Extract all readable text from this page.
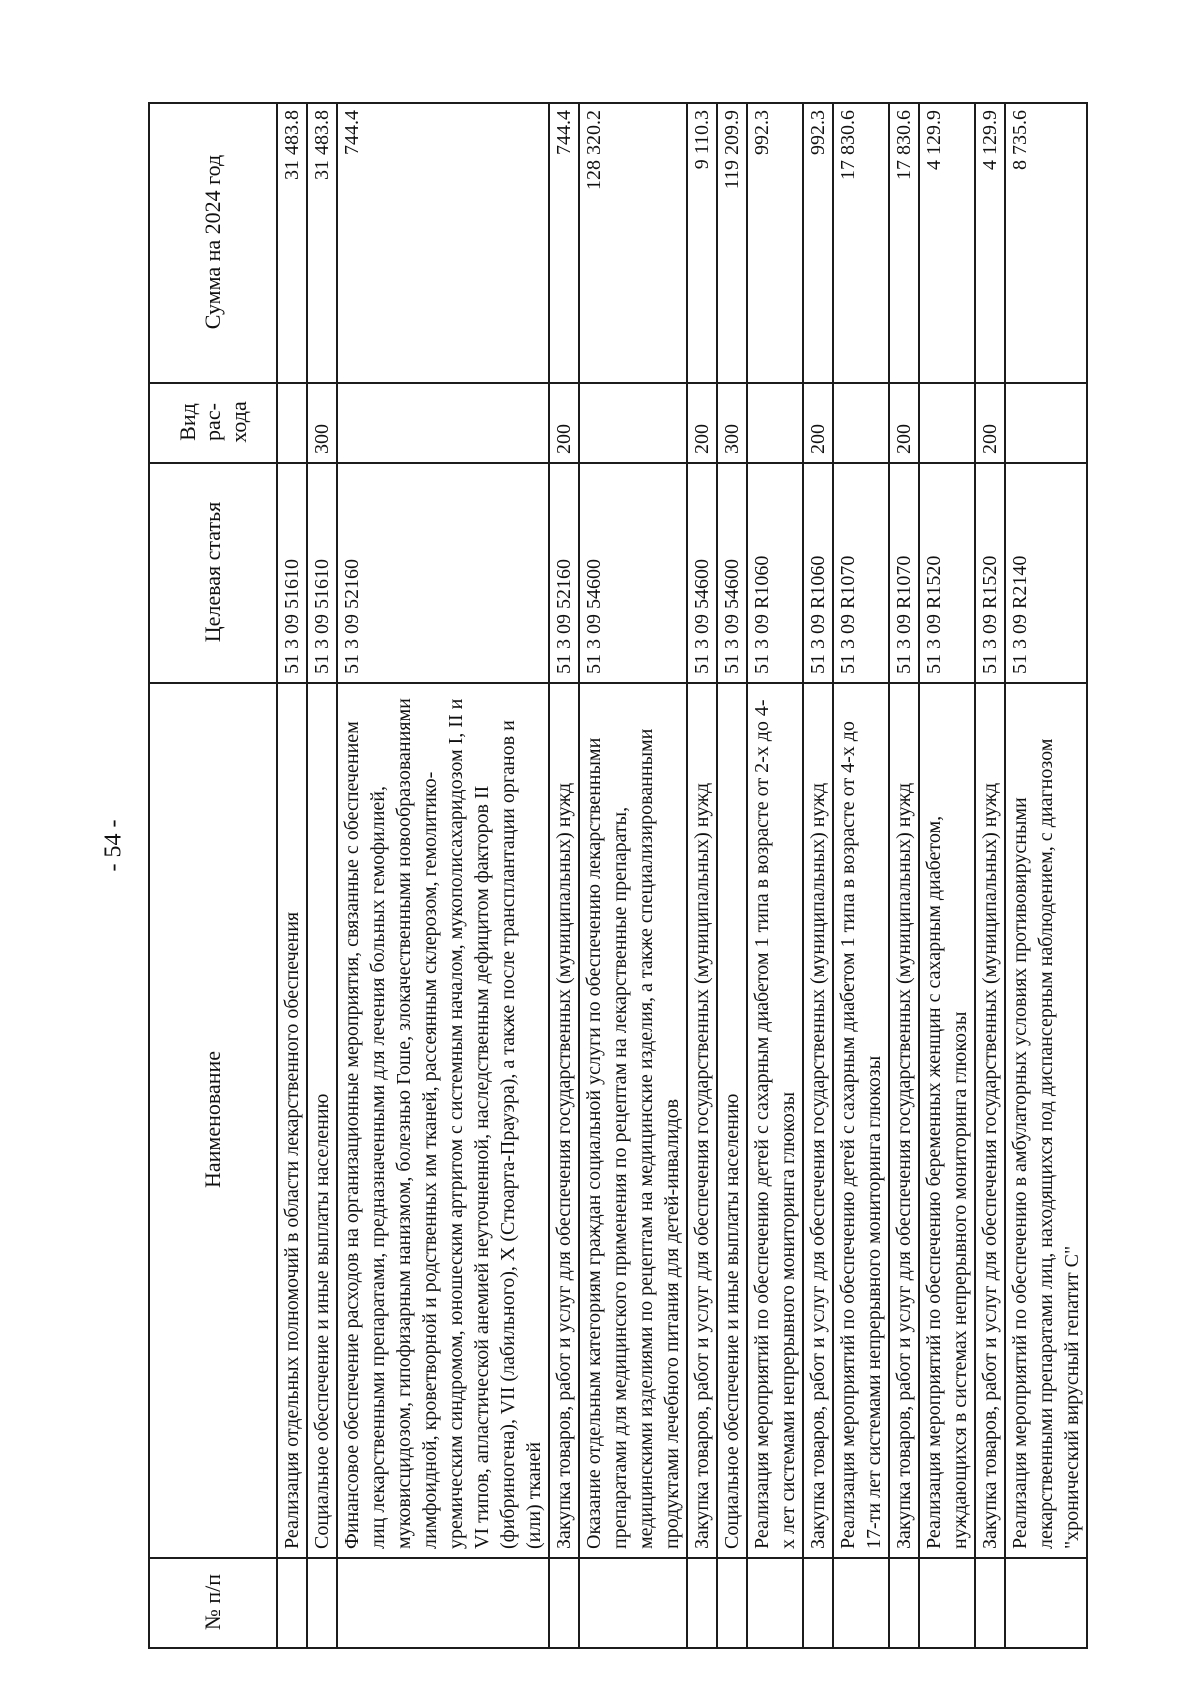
- 54 -
№ п/п	Наименование	Целевая статья	Вид рас-хода	Сумма на 2024 год
	Реализация отдельных полномочий в области лекарственного обеспечения	51 3 09 51610		31 483.8
	Социальное обеспечение и иные выплаты населению	51 3 09 51610	300	31 483.8
	Финансовое обеспечение расходов на организационные мероприятия, связанные с обеспечением лиц лекарственными препаратами, предназначенными для лечения больных гемофилией, муковисцидозом, гипофизарным нанизмом, болезнью Гоше, злокачественными новообразованиями лимфоидной, кроветворной и родственных им тканей, рассеянным склерозом, гемолитико-уремическим синдромом, юношеским артритом с системным началом, мукополисахаридозом I, II и VI типов, апластической анемией неуточненной, наследственным дефицитом факторов II (фибриногена), VII (лабильного), X (Стюарта-Прауэра), а также после трансплантации органов и (или) тканей	51 3 09 52160		744.4
	Закупка товаров, работ и услуг для обеспечения государственных (муниципальных) нужд	51 3 09 52160	200	744.4
	Оказание отдельным категориям граждан социальной услуги по обеспечению лекарственными препаратами для медицинского применения по рецептам на лекарственные препараты, медицинскими изделиями по рецептам на медицинские изделия, а также специализированными продуктами лечебного питания для детей-инвалидов	51 3 09 54600		128 320.2
	Закупка товаров, работ и услуг для обеспечения государственных (муниципальных) нужд	51 3 09 54600	200	9 110.3
	Социальное обеспечение и иные выплаты населению	51 3 09 54600	300	119 209.9
	Реализация мероприятий по обеспечению детей с сахарным диабетом 1 типа в возрасте от 2-х до 4-х лет системами непрерывного мониторинга глюкозы	51 3 09 R1060		992.3
	Закупка товаров, работ и услуг для обеспечения государственных (муниципальных) нужд	51 3 09 R1060	200	992.3
	Реализация мероприятий по обеспечению детей с сахарным диабетом 1 типа в возрасте от 4-х до 17-ти лет системами непрерывного мониторинга глюкозы	51 3 09 R1070		17 830.6
	Закупка товаров, работ и услуг для обеспечения государственных (муниципальных) нужд	51 3 09 R1070	200	17 830.6
	Реализация мероприятий по обеспечению беременных женщин с сахарным диабетом, нуждающихся в системах непрерывного мониторинга глюкозы	51 3 09 R1520		4 129.9
	Закупка товаров, работ и услуг для обеспечения государственных (муниципальных) нужд	51 3 09 R1520	200	4 129.9
	Реализация мероприятий по обеспечению в амбулаторных условиях противовирусными лекарственными препаратами лиц, находящихся под диспансерным наблюдением, с диагнозом "хронический вирусный гепатит С"	51 3 09 R2140		8 735.6
